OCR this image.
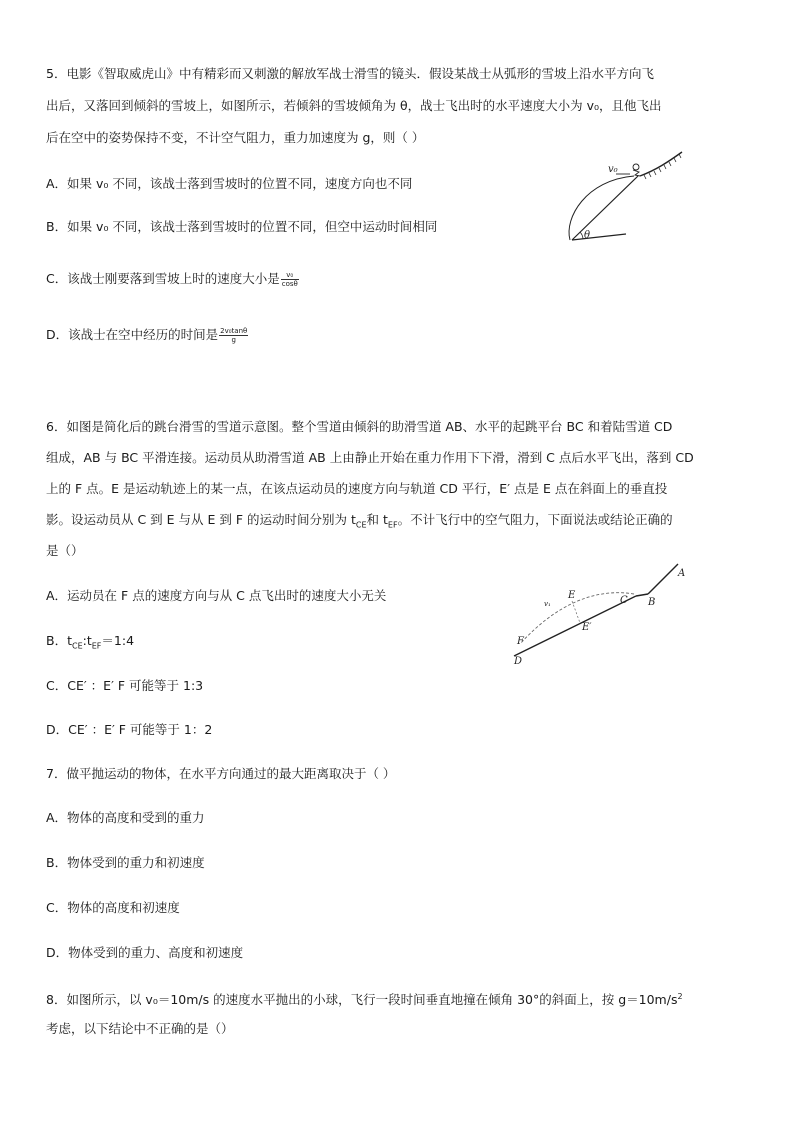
5．电影《智取威虎山》中有精彩而又刺激的解放军战士滑雪的镜头．假设某战士从弧形的雪坡上沿水平方向飞
出后，又落回到倾斜的雪坡上，如图所示，若倾斜的雪坡倾角为 θ，战士飞出时的水平速度大小为 v₀，且他飞出
后在空中的姿势保持不变，不计空气阻力，重力加速度为 g，则（ ）
v₀
θ
A．如果 v₀ 不同，该战士落到雪坡时的位置不同，速度方向也不同
B．如果 v₀ 不同，该战士落到雪坡时的位置不同，但空中运动时间相同
C．该战士刚要落到雪坡上时的速度大小是 $\frac{\text{v₀}}{\cos\theta}$
D．该战士在空中经历的时间是 $\frac{\text{2v₀tanθ}}{g}$
6．如图是简化后的跳台滑雪的雪道示意图。整个雪道由倾斜的助滑雪道 AB、水平的起跳平台 BC 和着陆雪道 CD
组成，AB 与 BC 平滑连接。运动员从助滑雪道 AB 上由静止开始在重力作用下下滑，滑到 C 点后水平飞出，落到 CD
上的 F 点。E 是运动轨迹上的某一点，在该点运动员的速度方向与轨道 CD 平行，E′ 点是 E 点在斜面上的垂直投
影。设运动员从 C 到 E 与从 E 到 F 的运动时间分别为 $t_{CE}$和 $t_{EF}$。不计飞行中的空气阻力，下面说法或结论正确的
是（）
A
B
C
E
E′
v₁
F
D
A．运动员在 F 点的速度方向与从 C 点飞出时的速度大小无关
B．$t_{CE}:t_{EF}=1:4$
C．CE′ ：E′ F 可能等于 1:3
D．CE′ ：E′ F 可能等于 1：2
7．做平抛运动的物体，在水平方向通过的最大距离取决于（ ）
A．物体的高度和受到的重力
B．物体受到的重力和初速度
C．物体的高度和初速度
D．物体受到的重力、高度和初速度
8．如图所示，以 v₀＝10m/s 的速度水平抛出的小球，飞行一段时间垂直地撞在倾角 30°的斜面上，按 $g=10m/s^2$
考虑，以下结论中不正确的是（）
